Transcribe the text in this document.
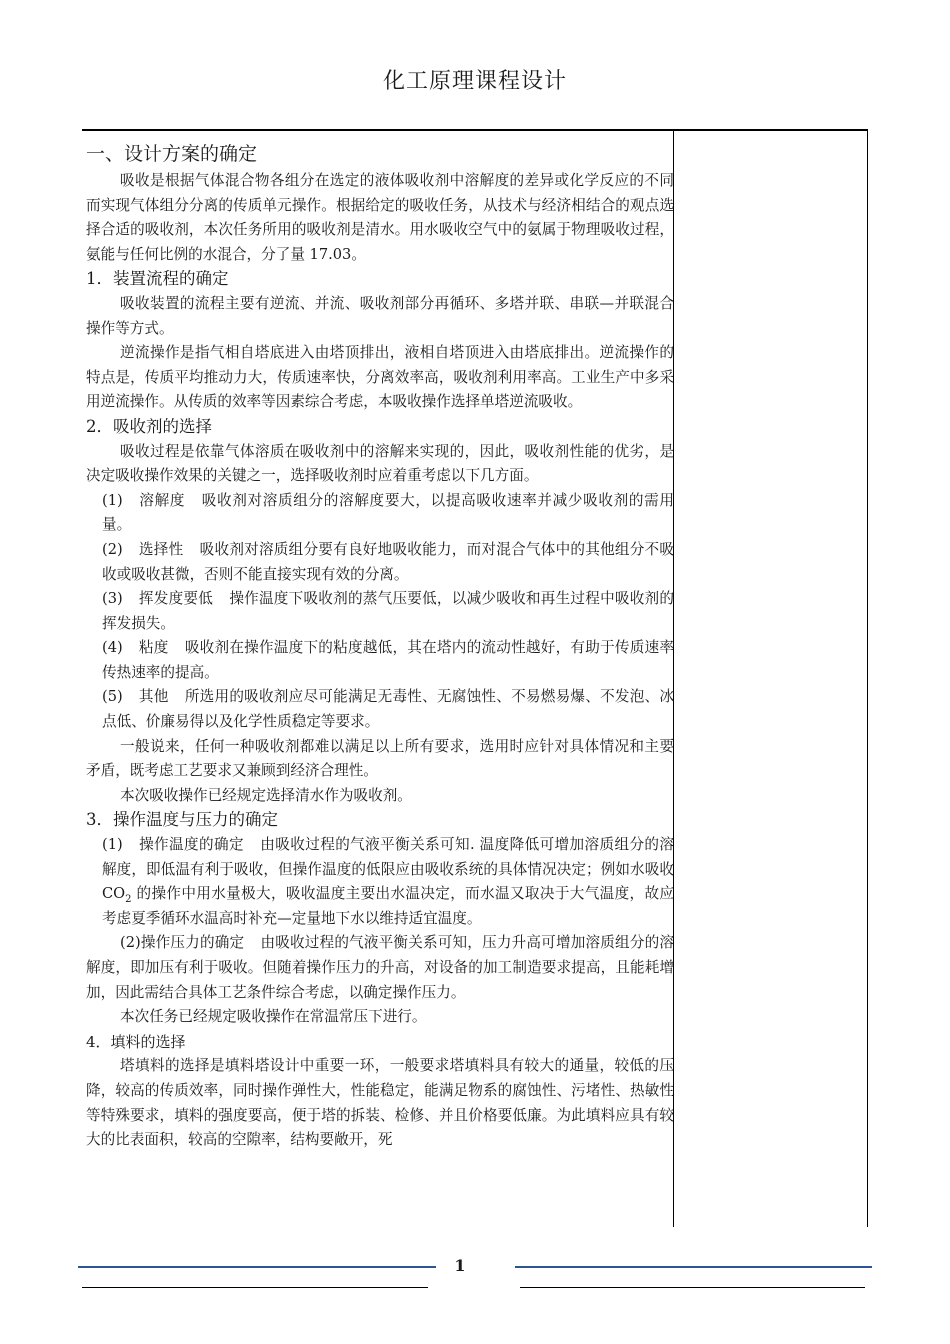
化工原理课程设计

一、设计方案的确定

吸收是根据气体混合物各组分在选定的液体吸收剂中溶解度的差异或化学反应的不同而实现气体组分分离的传质单元操作。根据给定的吸收任务，从技术与经济相结合的观点选择合适的吸收剂，本次任务所用的吸收剂是清水。用水吸收空气中的氨属于物理吸收过程，氨能与任何比例的水混合，分了量 17.03。

1．装置流程的确定

吸收装置的流程主要有逆流、并流、吸收剂部分再循环、多塔并联、串联—并联混合操作等方式。

逆流操作是指气相自塔底进入由塔顶排出，液相自塔顶进入由塔底排出。逆流操作的特点是，传质平均推动力大，传质速率快，分离效率高，吸收剂利用率高。工业生产中多采用逆流操作。从传质的效率等因素综合考虑，本吸收操作选择单塔逆流吸收。

2．吸收剂的选择

吸收过程是依靠气体溶质在吸收剂中的溶解来实现的，因此，吸收剂性能的优劣，是决定吸收操作效果的关键之一，选择吸收剂时应着重考虑以下几方面。

(1) 溶解度 吸收剂对溶质组分的溶解度要大，以提高吸收速率并减少吸收剂的需用量。

(2) 选择性 吸收剂对溶质组分要有良好地吸收能力，而对混合气体中的其他组分不吸收或吸收甚微，否则不能直接实现有效的分离。

(3) 挥发度要低 操作温度下吸收剂的蒸气压要低，以减少吸收和再生过程中吸收剂的挥发损失。

(4) 粘度 吸收剂在操作温度下的粘度越低，其在塔内的流动性越好，有助于传质速率传热速率的提高。

(5) 其他 所选用的吸收剂应尽可能满足无毒性、无腐蚀性、不易燃易爆、不发泡、冰点低、价廉易得以及化学性质稳定等要求。

一般说来，任何一种吸收剂都难以满足以上所有要求，选用时应针对具体情况和主要矛盾，既考虑工艺要求又兼顾到经济合理性。

本次吸收操作已经规定选择清水作为吸收剂。

3．操作温度与压力的确定

(1) 操作温度的确定 由吸收过程的气液平衡关系可知. 温度降低可增加溶质组分的溶解度，即低温有利于吸收，但操作温度的低限应由吸收系统的具体情况决定；例如水吸收 $CO_2$ 的操作中用水量极大，吸收温度主要出水温决定，而水温又取决于大气温度，故应考虑夏季循环水温高时补充—定量地下水以维持适宜温度。

(2)操作压力的确定 由吸收过程的气液平衡关系可知，压力升高可增加溶质组分的溶解度，即加压有利于吸收。但随着操作压力的升高，对设备的加工制造要求提高，且能耗增加，因此需结合具体工艺条件综合考虑，以确定操作压力。

本次任务已经规定吸收操作在常温常压下进行。

4．填料的选择

塔填料的选择是填料塔设计中重要一环，一般要求塔填料具有较大的通量，较低的压降，较高的传质效率，同时操作弹性大，性能稳定，能满足物系的腐蚀性、污堵性、热敏性等特殊要求，填料的强度要高，便于塔的拆装、检修、并且价格要低廉。为此填料应具有较大的比表面积，较高的空隙率，结构要敞开，死

1
